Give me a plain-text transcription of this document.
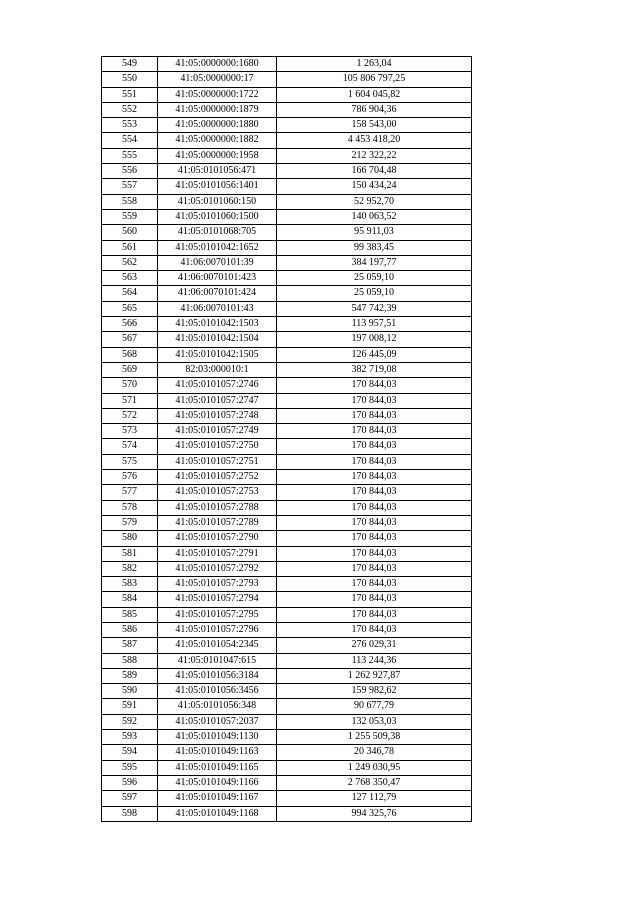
549	41:05:0000000:1680	1 263,04
550	41:05:0000000:17	105 806 797,25
551	41:05:0000000:1722	1 604 045,82
552	41:05:0000000:1879	786 904,36
553	41:05:0000000:1880	158 543,00
554	41:05:0000000:1882	4 453 418,20
555	41:05:0000000:1958	212 322,22
556	41:05:0101056:471	166 704,48
557	41:05:0101056:1401	150 434,24
558	41:05:0101060:150	52 952,70
559	41:05:0101060:1500	140 063,52
560	41:05:0101068:705	95 911,03
561	41:05:0101042:1652	99 383,45
562	41:06:0070101:39	384 197,77
563	41:06:0070101:423	25 059,10
564	41:06:0070101:424	25 059,10
565	41:06:0070101:43	547 742,39
566	41:05:0101042:1503	113 957,51
567	41:05:0101042:1504	197 008,12
568	41:05:0101042:1505	126 445,09
569	82:03:000010:1	382 719,08
570	41:05:0101057:2746	170 844,03
571	41:05:0101057:2747	170 844,03
572	41:05:0101057:2748	170 844,03
573	41:05:0101057:2749	170 844,03
574	41:05:0101057:2750	170 844,03
575	41:05:0101057:2751	170 844,03
576	41:05:0101057:2752	170 844,03
577	41:05:0101057:2753	170 844,03
578	41:05:0101057:2788	170 844,03
579	41:05:0101057:2789	170 844,03
580	41:05:0101057:2790	170 844,03
581	41:05:0101057:2791	170 844,03
582	41:05:0101057:2792	170 844,03
583	41:05:0101057:2793	170 844,03
584	41:05:0101057:2794	170 844,03
585	41:05:0101057:2795	170 844,03
586	41:05:0101057:2796	170 844,03
587	41:05:0101054:2345	276 029,31
588	41:05:0101047:615	113 244,36
589	41:05:0101056:3184	1 262 927,87
590	41:05:0101056:3456	159 982,62
591	41:05:0101056:348	90 677,79
592	41:05:0101057:2037	132 053,03
593	41:05:0101049:1130	1 255 509,38
594	41:05:0101049:1163	20 346,78
595	41:05:0101049:1165	1 249 030,95
596	41:05:0101049:1166	2 768 350,47
597	41:05:0101049:1167	127 112,79
598	41:05:0101049:1168	994 325,76
